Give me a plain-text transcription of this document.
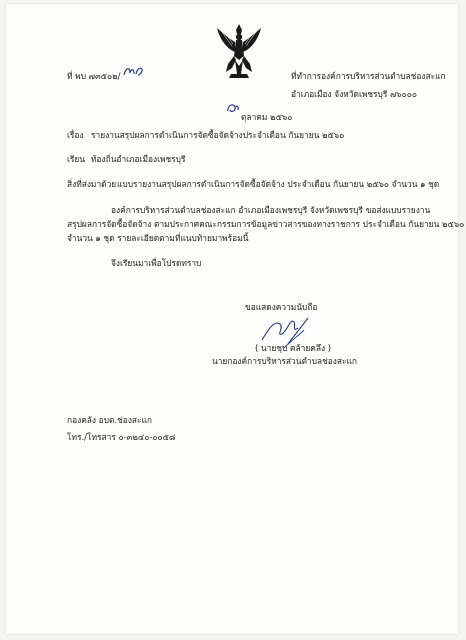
ที่ พบ ๗๓๕๐๒/	ที่ทำการองค์การบริหารส่วนตำบลช่องสะแก
อำเภอเมือง จังหวัดเพชรบุรี ๗๖๐๐๐
ตุลาคม ๒๕๖๐
เรื่อง รายงานสรุปผลการดำเนินการจัดซื้อจัดจ้างประจำเดือน กันยายน ๒๕๖๐
เรียน ท้องถิ่นอำเภอเมืองเพชรบุรี
สิ่งที่ส่งมาด้วย แบบรายงานสรุปผลการดำเนินการจัดซื้อจัดจ้าง ประจำเดือน กันยายน ๒๕๖๐ จำนวน ๑ ชุด
องค์การบริหารส่วนตำบลช่องสะแก อำเภอเมืองเพชรบุรี จังหวัดเพชรบุรี ขอส่งแบบรายงาน
สรุปผลการจัดซื้อจัดจ้าง ตามประกาศคณะกรรมการข้อมูลข่าวสารของทางราชการ ประจำเดือน กันยายน ๒๕๖๐
จำนวน ๑ ชุด รายละเอียดตามที่แนบท้ายมาพร้อมนี้
จึงเรียนมาเพื่อโปรดทราบ
ขอแสดงความนับถือ
( นายชุบ คล้ายคลึง )
นายกองค์การบริหารส่วนตำบลช่องสะแก
กองคลัง อบต.ช่องสะแก
โทร./โทรสาร ๐-๓๒๔๐-๐๐๕๘
